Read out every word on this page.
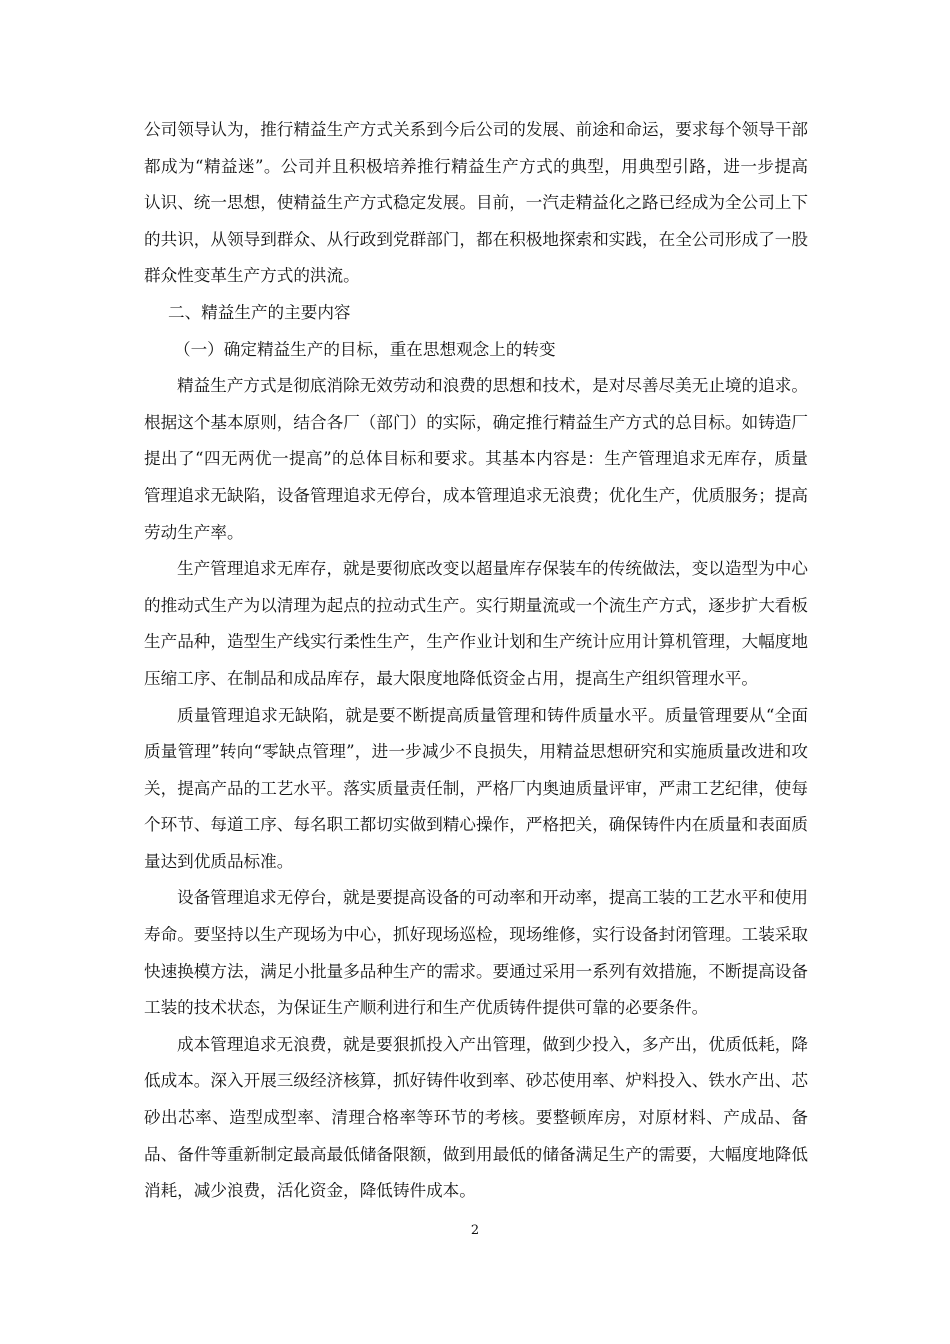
公司领导认为，推行精益生产方式关系到今后公司的发展、前途和命运，要求每个领导干部都成为“精益迷”。公司并且积极培养推行精益生产方式的典型，用典型引路，进一步提高认识、统一思想，使精益生产方式稳定发展。目前，一汽走精益化之路已经成为全公司上下的共识，从领导到群众、从行政到党群部门，都在积极地探索和实践，在全公司形成了一股群众性变革生产方式的洪流。

二、精益生产的主要内容

（一）确定精益生产的目标，重在思想观念上的转变

精益生产方式是彻底消除无效劳动和浪费的思想和技术，是对尽善尽美无止境的追求。根据这个基本原则，结合各厂（部门）的实际，确定推行精益生产方式的总目标。如铸造厂提出了“四无两优一提高”的总体目标和要求。其基本内容是：生产管理追求无库存，质量管理追求无缺陷，设备管理追求无停台，成本管理追求无浪费；优化生产，优质服务；提高劳动生产率。

生产管理追求无库存，就是要彻底改变以超量库存保装车的传统做法，变以造型为中心的推动式生产为以清理为起点的拉动式生产。实行期量流或一个流生产方式，逐步扩大看板生产品种，造型生产线实行柔性生产，生产作业计划和生产统计应用计算机管理，大幅度地压缩工序、在制品和成品库存，最大限度地降低资金占用，提高生产组织管理水平。

质量管理追求无缺陷，就是要不断提高质量管理和铸件质量水平。质量管理要从“全面质量管理”转向“零缺点管理”，进一步减少不良损失，用精益思想研究和实施质量改进和攻关，提高产品的工艺水平。落实质量责任制，严格厂内奥迪质量评审，严肃工艺纪律，使每个环节、每道工序、每名职工都切实做到精心操作，严格把关，确保铸件内在质量和表面质量达到优质品标准。

设备管理追求无停台，就是要提高设备的可动率和开动率，提高工装的工艺水平和使用寿命。要坚持以生产现场为中心，抓好现场巡检，现场维修，实行设备封闭管理。工装采取快速换模方法，满足小批量多品种生产的需求。要通过采用一系列有效措施，不断提高设备工装的技术状态，为保证生产顺利进行和生产优质铸件提供可靠的必要条件。

成本管理追求无浪费，就是要狠抓投入产出管理，做到少投入，多产出，优质低耗，降低成本。深入开展三级经济核算，抓好铸件收到率、砂芯使用率、炉料投入、铁水产出、芯砂出芯率、造型成型率、清理合格率等环节的考核。要整顿库房，对原材料、产成品、备品、备件等重新制定最高最低储备限额，做到用最低的储备满足生产的需要，大幅度地降低消耗，减少浪费，活化资金，降低铸件成本。

2
